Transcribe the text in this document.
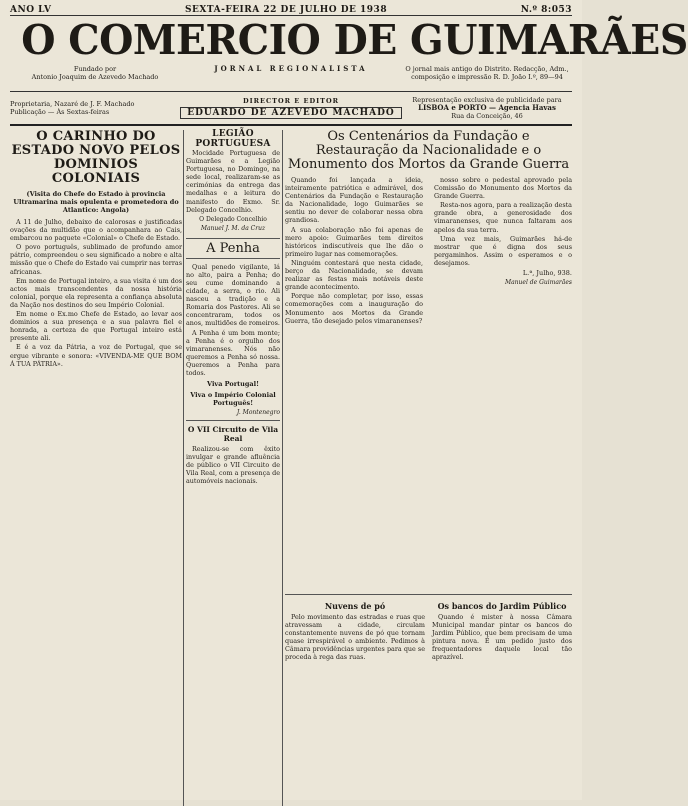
ANO LV	SEXTA-FEIRA 22 DE JULHO DE 1938	N.º 8:053
O COMERCIO DE GUIMARÃES
Fundado por
Antonio Joaquim de Azevedo Machado
JORNAL REGIONALISTA	O jornal mais antigo do Distrito. Redacção, Adm., composição e impressão R. D. João I.º, 89—94
Proprietaria, Nazaré de J. F. Machado
Publicação — Às Sextas-feiras
DIRECTOR E EDITOR
EDUARDO DE AZEVEDO MACHADO
Representação exclusiva de publicidade para
LISBOA e PORTO — Agencia Havas
Rua da Conceição, 46
O CARINHO DO ESTADO NOVO PELOS DOMINIOS COLONIAIS
(Visita do Chefe do Estado à provincia Ultramarina mais opulenta e prometedora do Atlantico: Angola)

A 11 de Julho, debaixo de calorosas e justificadas ovações da multidão que o acompanhara ao Cais, embarcou no paquete «Colonial» o Chefe de Estado.

O povo português, sublimado de profundo amor pátrio, compreendeu o seu significado a nobre e alta missão que o Chefe do Estado vai cumprir nas terras africanas.

Em nome de Portugal inteiro, a sua visita é um dos actos mais transcendentes da nossa história colonial, porque ela representa a confiança absoluta da Nação nos destinos do seu Império Colonial.

Em nome o Ex.mo Chefe de Estado, ao levar aos dominios a sua presença e a sua palavra fiel e honrada, a certeza de que Portugal inteiro está presente ali.

E é a voz da Pátria, a voz de Portugal, que se ergue vibrante e sonora: «VIVENDA-ME QUE BOM Á TUA PÁTRIA».

LEGIÃO PORTUGUESA

Mocidade Portuguesa de Guimarães e a Legião Portuguesa, no Domingo, na sede local, realizaram-se as cerimónias da entrega das medalhas e a leitura do manifesto do Exmo. Sr. Delegado Concelhio.

O Delegado Concelhio
Manuel J. M. da Cruz
A Penha

Qual penedo vigilante, lá no alto, paira a Penha; do seu cume dominando a cidade, a serra, o rio. Ali nasceu a tradição e a Romaria dos Pastores. Ali se concentraram, todos os anos, multidões de romeiros.

A Penha é um bom monte; a Penha é o orgulho dos vimaranenses. Nós não queremos a Penha só nossa. Queremos a Penha para todos.

Viva Portugal!
Viva o Império Colonial Português!
J. Montenegro
O VII Circuito de Vila Real

Realizou-se com êxito invulgar e grande afluência de público o VII Circuito de Vila Real, com a presença de automóveis nacionais.

Os Centenários da Fundação e Restauração da Nacionalidade e o Monumento dos Mortos da Grande Guerra

Quando foi lançada a ideia, inteiramente patriótica e admirável, dos Centenários da Fundação e Restauração da Nacionalidade, logo Guimarães se sentiu no dever de colaborar nessa obra grandiosa.

A sua colaboração não foi apenas de mero apoio: Guimarães tem direitos históricos indiscutíveis que lhe dão o primeiro lugar nas comemorações.

Ninguém contestará que nesta cidade, berço da Nacionalidade, se devam realizar as festas mais notáveis deste grande acontecimento.

Porque não completar, por isso, essas comemorações com a inauguração do Monumento aos Mortos da Grande Guerra, tão desejado pelos vimaranenses?

nosso sobre o pedestal aprovado pela Comissão do Monumento dos Mortos da Grande Guerra.

Resta-nos agora, para a realização desta grande obra, a generosidade dos vimaranenses, que nunca faltaram aos apelos da sua terra.

Uma vez mais, Guimarães há-de mostrar que é digna dos seus pergaminhos. Assim o esperamos e o desejamos.

L.ª, Julho, 938.
Manuel de Guimarães
Nuvens de pó

Pelo movimento das estradas e ruas que atravessam a cidade, circulam constantemente nuvens de pó que tornam quase irrespirável o ambiente. Pedimos à Câmara providências urgentes para que se proceda à rega das ruas.

Os bancos do Jardim Público

Quando é mister à nossa Câmara Municipal mandar pintar os bancos do Jardim Público, que bem precisam de uma pintura nova. É um pedido justo dos frequentadores daquele local tão aprazível.
